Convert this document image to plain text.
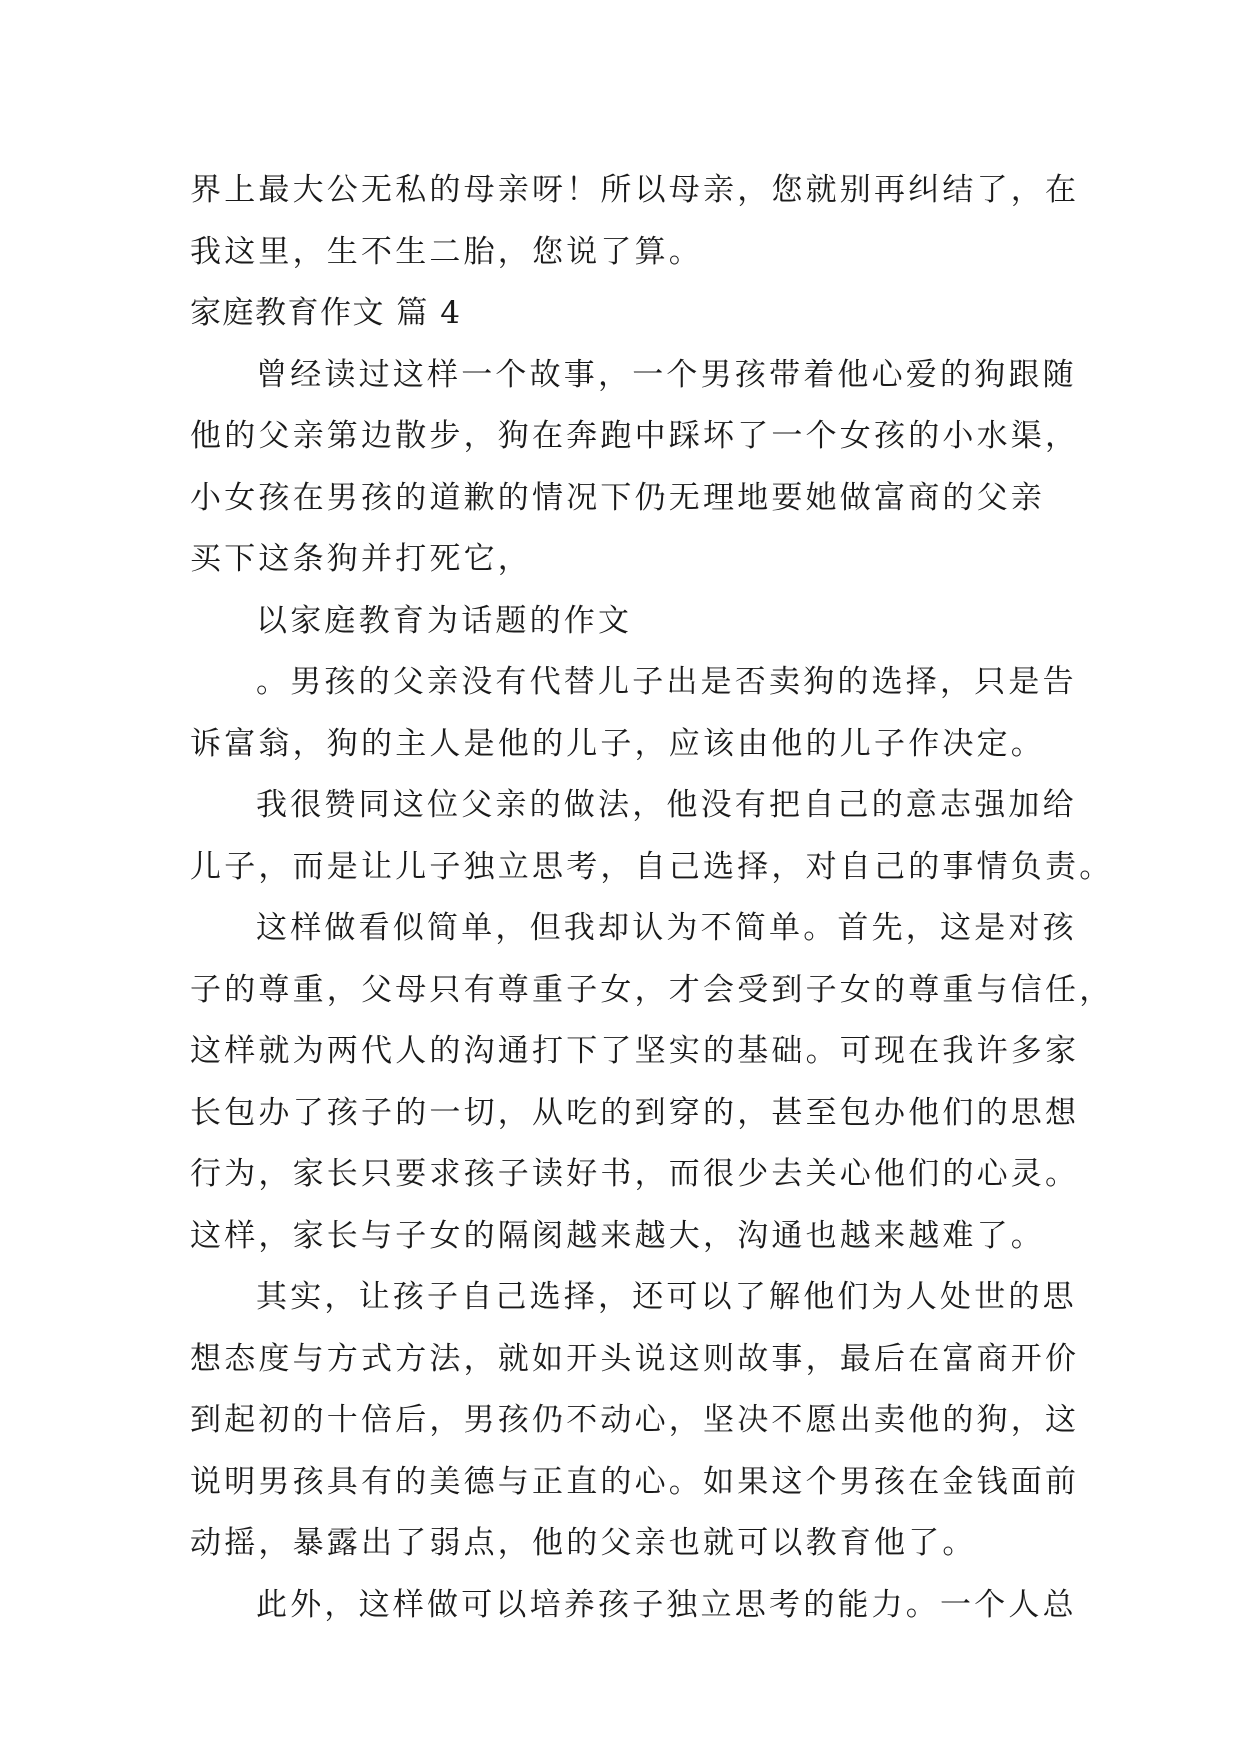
界上最大公无私的母亲呀！所以母亲，您就别再纠结了，在
我这里，生不生二胎，您说了算。
家庭教育作文 篇 4
曾经读过这样一个故事，一个男孩带着他心爱的狗跟随
他的父亲第边散步，狗在奔跑中踩坏了一个女孩的小水渠，
小女孩在男孩的道歉的情况下仍无理地要她做富商的父亲
买下这条狗并打死它，
以家庭教育为话题的作文
。男孩的父亲没有代替儿子出是否卖狗的选择，只是告
诉富翁，狗的主人是他的儿子，应该由他的儿子作决定。
我很赞同这位父亲的做法，他没有把自己的意志强加给
儿子，而是让儿子独立思考，自己选择，对自己的事情负责。
这样做看似简单，但我却认为不简单。首先，这是对孩
子的尊重，父母只有尊重子女，才会受到子女的尊重与信任，
这样就为两代人的沟通打下了坚实的基础。可现在我许多家
长包办了孩子的一切，从吃的到穿的，甚至包办他们的思想
行为，家长只要求孩子读好书，而很少去关心他们的心灵。
这样，家长与子女的隔阂越来越大，沟通也越来越难了。
其实，让孩子自己选择，还可以了解他们为人处世的思
想态度与方式方法，就如开头说这则故事，最后在富商开价
到起初的十倍后，男孩仍不动心，坚决不愿出卖他的狗，这
说明男孩具有的美德与正直的心。如果这个男孩在金钱面前
动摇，暴露出了弱点，他的父亲也就可以教育他了。
此外，这样做可以培养孩子独立思考的能力。一个人总
